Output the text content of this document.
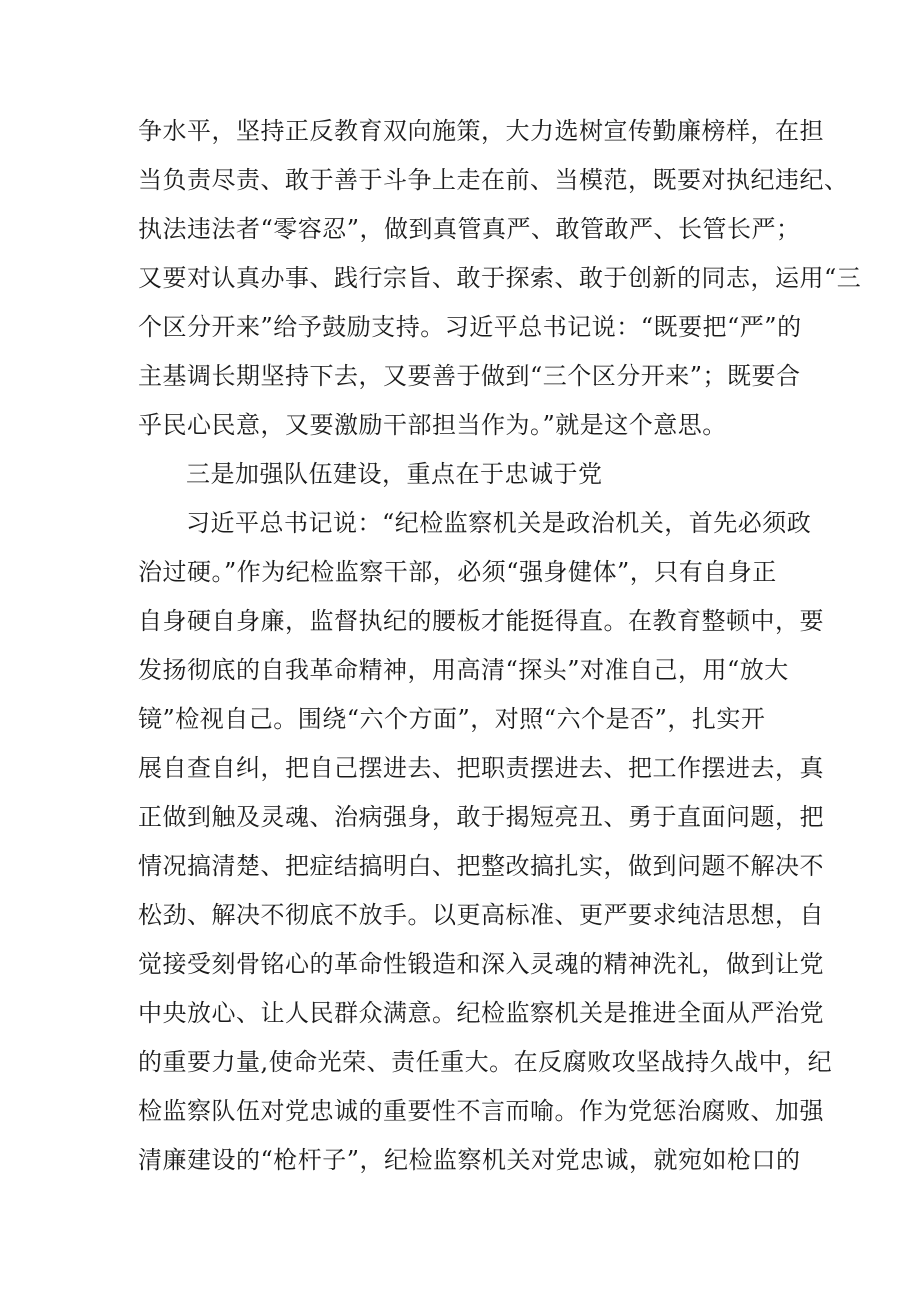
争水平，坚持正反教育双向施策，大力选树宣传勤廉榜样，在担
当负责尽责、敢于善于斗争上走在前、当模范，既要对执纪违纪、
执法违法者“零容忍”，做到真管真严、敢管敢严、长管长严；
又要对认真办事、践行宗旨、敢于探索、敢于创新的同志，运用“三
个区分开来”给予鼓励支持。习近平总书记说：“既要把“严”的
主基调长期坚持下去，又要善于做到“三个区分开来”；既要合
乎民心民意，又要激励干部担当作为。”就是这个意思。
三是加强队伍建设，重点在于忠诚于党
习近平总书记说：“纪检监察机关是政治机关，首先必须政
治过硬。”作为纪检监察干部，必须“强身健体”，只有自身正
自身硬自身廉，监督执纪的腰板才能挺得直。在教育整顿中，要
发扬彻底的自我革命精神，用高清“探头”对准自己，用“放大
镜”检视自己。围绕“六个方面”，对照“六个是否”，扎实开
展自查自纠，把自己摆进去、把职责摆进去、把工作摆进去，真
正做到触及灵魂、治病强身，敢于揭短亮丑、勇于直面问题，把
情况搞清楚、把症结搞明白、把整改搞扎实，做到问题不解决不
松劲、解决不彻底不放手。以更高标准、更严要求纯洁思想，自
觉接受刻骨铭心的革命性锻造和深入灵魂的精神洗礼，做到让党
中央放心、让人民群众满意。纪检监察机关是推进全面从严治党
的重要力量,使命光荣、责任重大。在反腐败攻坚战持久战中，纪
检监察队伍对党忠诚的重要性不言而喻。作为党惩治腐败、加强
清廉建设的“枪杆子”，纪检监察机关对党忠诚，就宛如枪口的
